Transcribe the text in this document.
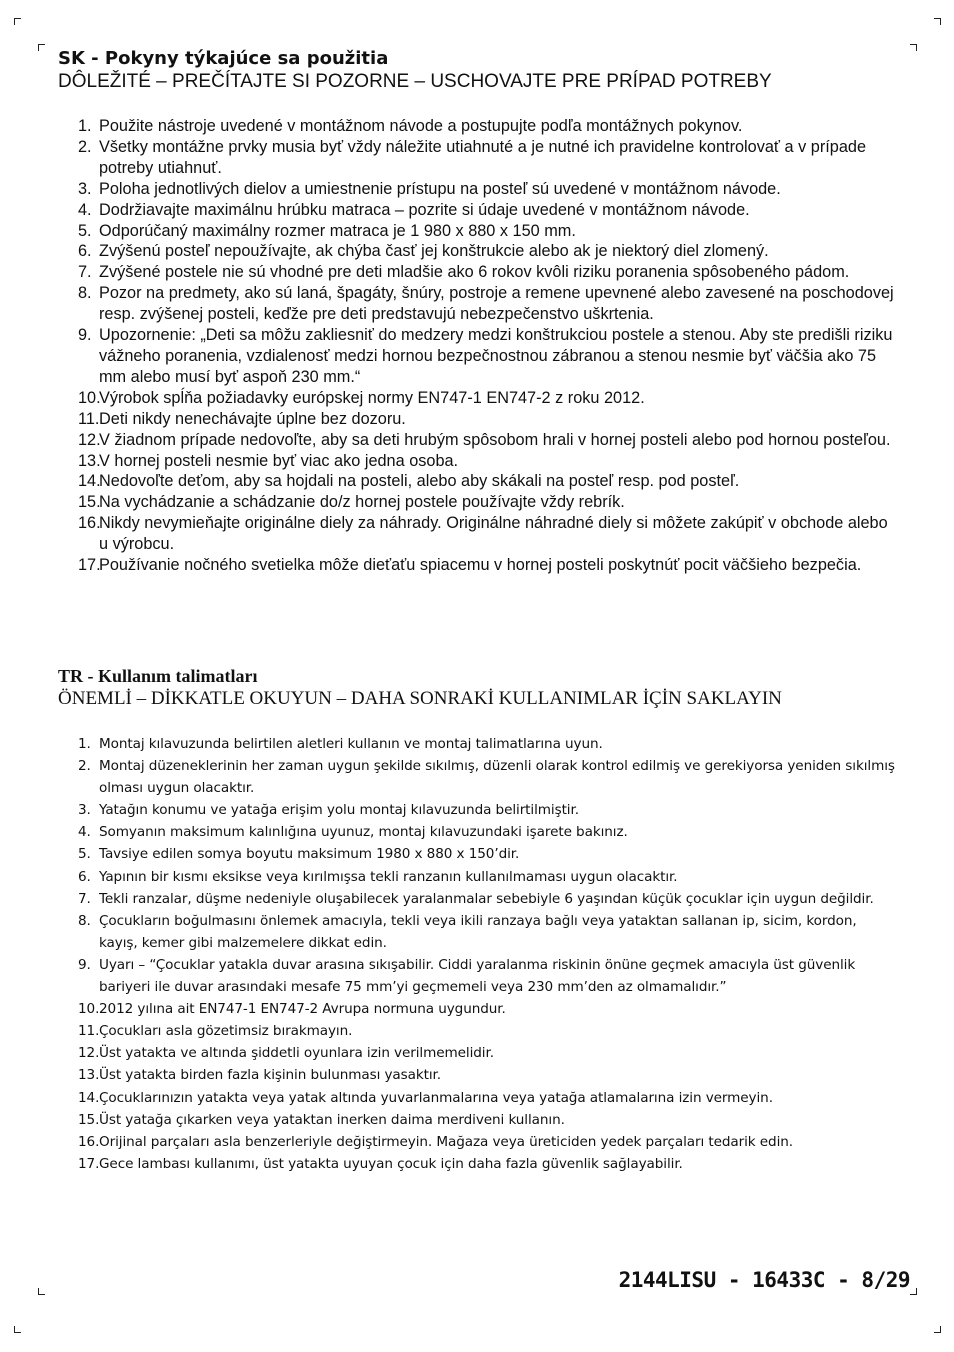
SK - Pokyny týkajúce sa použitia

DÔLEŽITÉ – PREČÍTAJTE SI POZORNE – USCHOVAJTE PRE PRÍPAD POTREBY

1. Použite nástroje uvedené v montážnom návode a postupujte podľa montážnych pokynov.
2. Všetky montážne prvky musia byť vždy náležite utiahnuté a je nutné ich pravidelne kontrolovať a v prípade potreby utiahnuť.
3. Poloha jednotlivých dielov a umiestnenie prístupu na posteľ sú uvedené v montážnom návode.
4. Dodržiavajte maximálnu hrúbku matraca – pozrite si údaje uvedené v montážnom návode.
5. Odporúčaný maximálny rozmer matraca je 1 980 x 880 x 150 mm.
6. Zvýšenú posteľ nepoužívajte, ak chýba časť jej konštrukcie alebo ak je niektorý diel zlomený.
7. Zvýšené postele nie sú vhodné pre deti mladšie ako 6 rokov kvôli riziku poranenia spôsobeného pádom.
8. Pozor na predmety, ako sú laná, špagáty, šnúry, postroje a remene upevnené alebo zavesené na poschodovej resp. zvýšenej posteli, keďže pre deti predstavujú nebezpečenstvo uškrtenia.
9. Upozornenie: „Deti sa môžu zakliesniť do medzery medzi konštrukciou postele a stenou. Aby ste predišli riziku vážneho poranenia, vzdialenosť medzi hornou bezpečnostnou zábranou a stenou nesmie byť väčšia ako 75 mm alebo musí byť aspoň 230 mm.“
10.
Výrobok spĺňa požiadavky európskej normy EN747-1 EN747-2 z roku 2012.
11. Deti nikdy nenechávajte úplne bez dozoru.
12.
V žiadnom prípade nedovoľte, aby sa deti hrubým spôsobom hrali v hornej posteli alebo pod hornou posteľou.
13.
V hornej posteli nesmie byť viac ako jedna osoba.
14.
Nedovoľte deťom, aby sa hojdali na posteli, alebo aby skákali na posteľ resp. pod posteľ.
15.
Na vychádzanie a schádzanie do/z hornej postele používajte vždy rebrík.
16.
Nikdy nevymieňajte originálne diely za náhrady. Originálne náhradné diely si môžete zakúpiť v obchode alebo u výrobcu.
17.
Používanie nočného svetielka môže dieťaťu spiacemu v hornej posteli poskytnúť pocit väčšieho bezpečia.
TR - Kullanım talimatları

ÖNEMLİ – DİKKATLE OKUYUN – DAHA SONRAKİ KULLANIMLAR İÇİN SAKLAYIN

1. Montaj kılavuzunda belirtilen aletleri kullanın ve montaj talimatlarına uyun.
2. Montaj düzeneklerinin her zaman uygun şekilde sıkılmış, düzenli olarak kontrol edilmiş ve gerekiyorsa yeniden sıkılmış olması uygun olacaktır.
3. Yatağın konumu ve yatağa erişim yolu montaj kılavuzunda belirtilmiştir.
4. Somyanın maksimum kalınlığına uyunuz, montaj kılavuzundaki işarete bakınız.
5. Tavsiye edilen somya boyutu maksimum 1980 x 880 x 150’dir.
6. Yapının bir kısmı eksikse veya kırılmışsa tekli ranzanın kullanılmaması uygun olacaktır.
7. Tekli ranzalar, düşme nedeniyle oluşabilecek yaralanmalar sebebiyle 6 yaşından küçük çocuklar için uygun değildir.
8. Çocukların boğulmasını önlemek amacıyla, tekli veya ikili ranzaya bağlı veya yataktan sallanan ip, sicim, kordon, kayış, kemer gibi malzemelere dikkat edin.
9. Uyarı – “Çocuklar yatakla duvar arasına sıkışabilir. Ciddi yaralanma riskinin önüne geçmek amacıyla üst güvenlik bariyeri ile duvar arasındaki mesafe 75 mm’yi geçmemeli veya 230 mm’den az olmamalıdır.”
10. 2012 yılına ait EN747-1 EN747-2 Avrupa normuna uygundur.
11. Çocukları asla gözetimsiz bırakmayın.
12. Üst yatakta ve altında şiddetli oyunlara izin verilmemelidir.
13. Üst yatakta birden fazla kişinin bulunması yasaktır.
14. Çocuklarınızın yatakta veya yatak altında yuvarlanmalarına veya yatağa atlamalarına izin vermeyin.
15. Üst yatağa çıkarken veya yataktan inerken daima merdiveni kullanın.
16. Orijinal parçaları asla benzerleriyle değiştirmeyin. Mağaza veya üreticiden yedek parçaları tedarik edin.
17. Gece lambası kullanımı, üst yatakta uyuyan çocuk için daha fazla güvenlik sağlayabilir.
2144LISU - 16433C - 8/29
